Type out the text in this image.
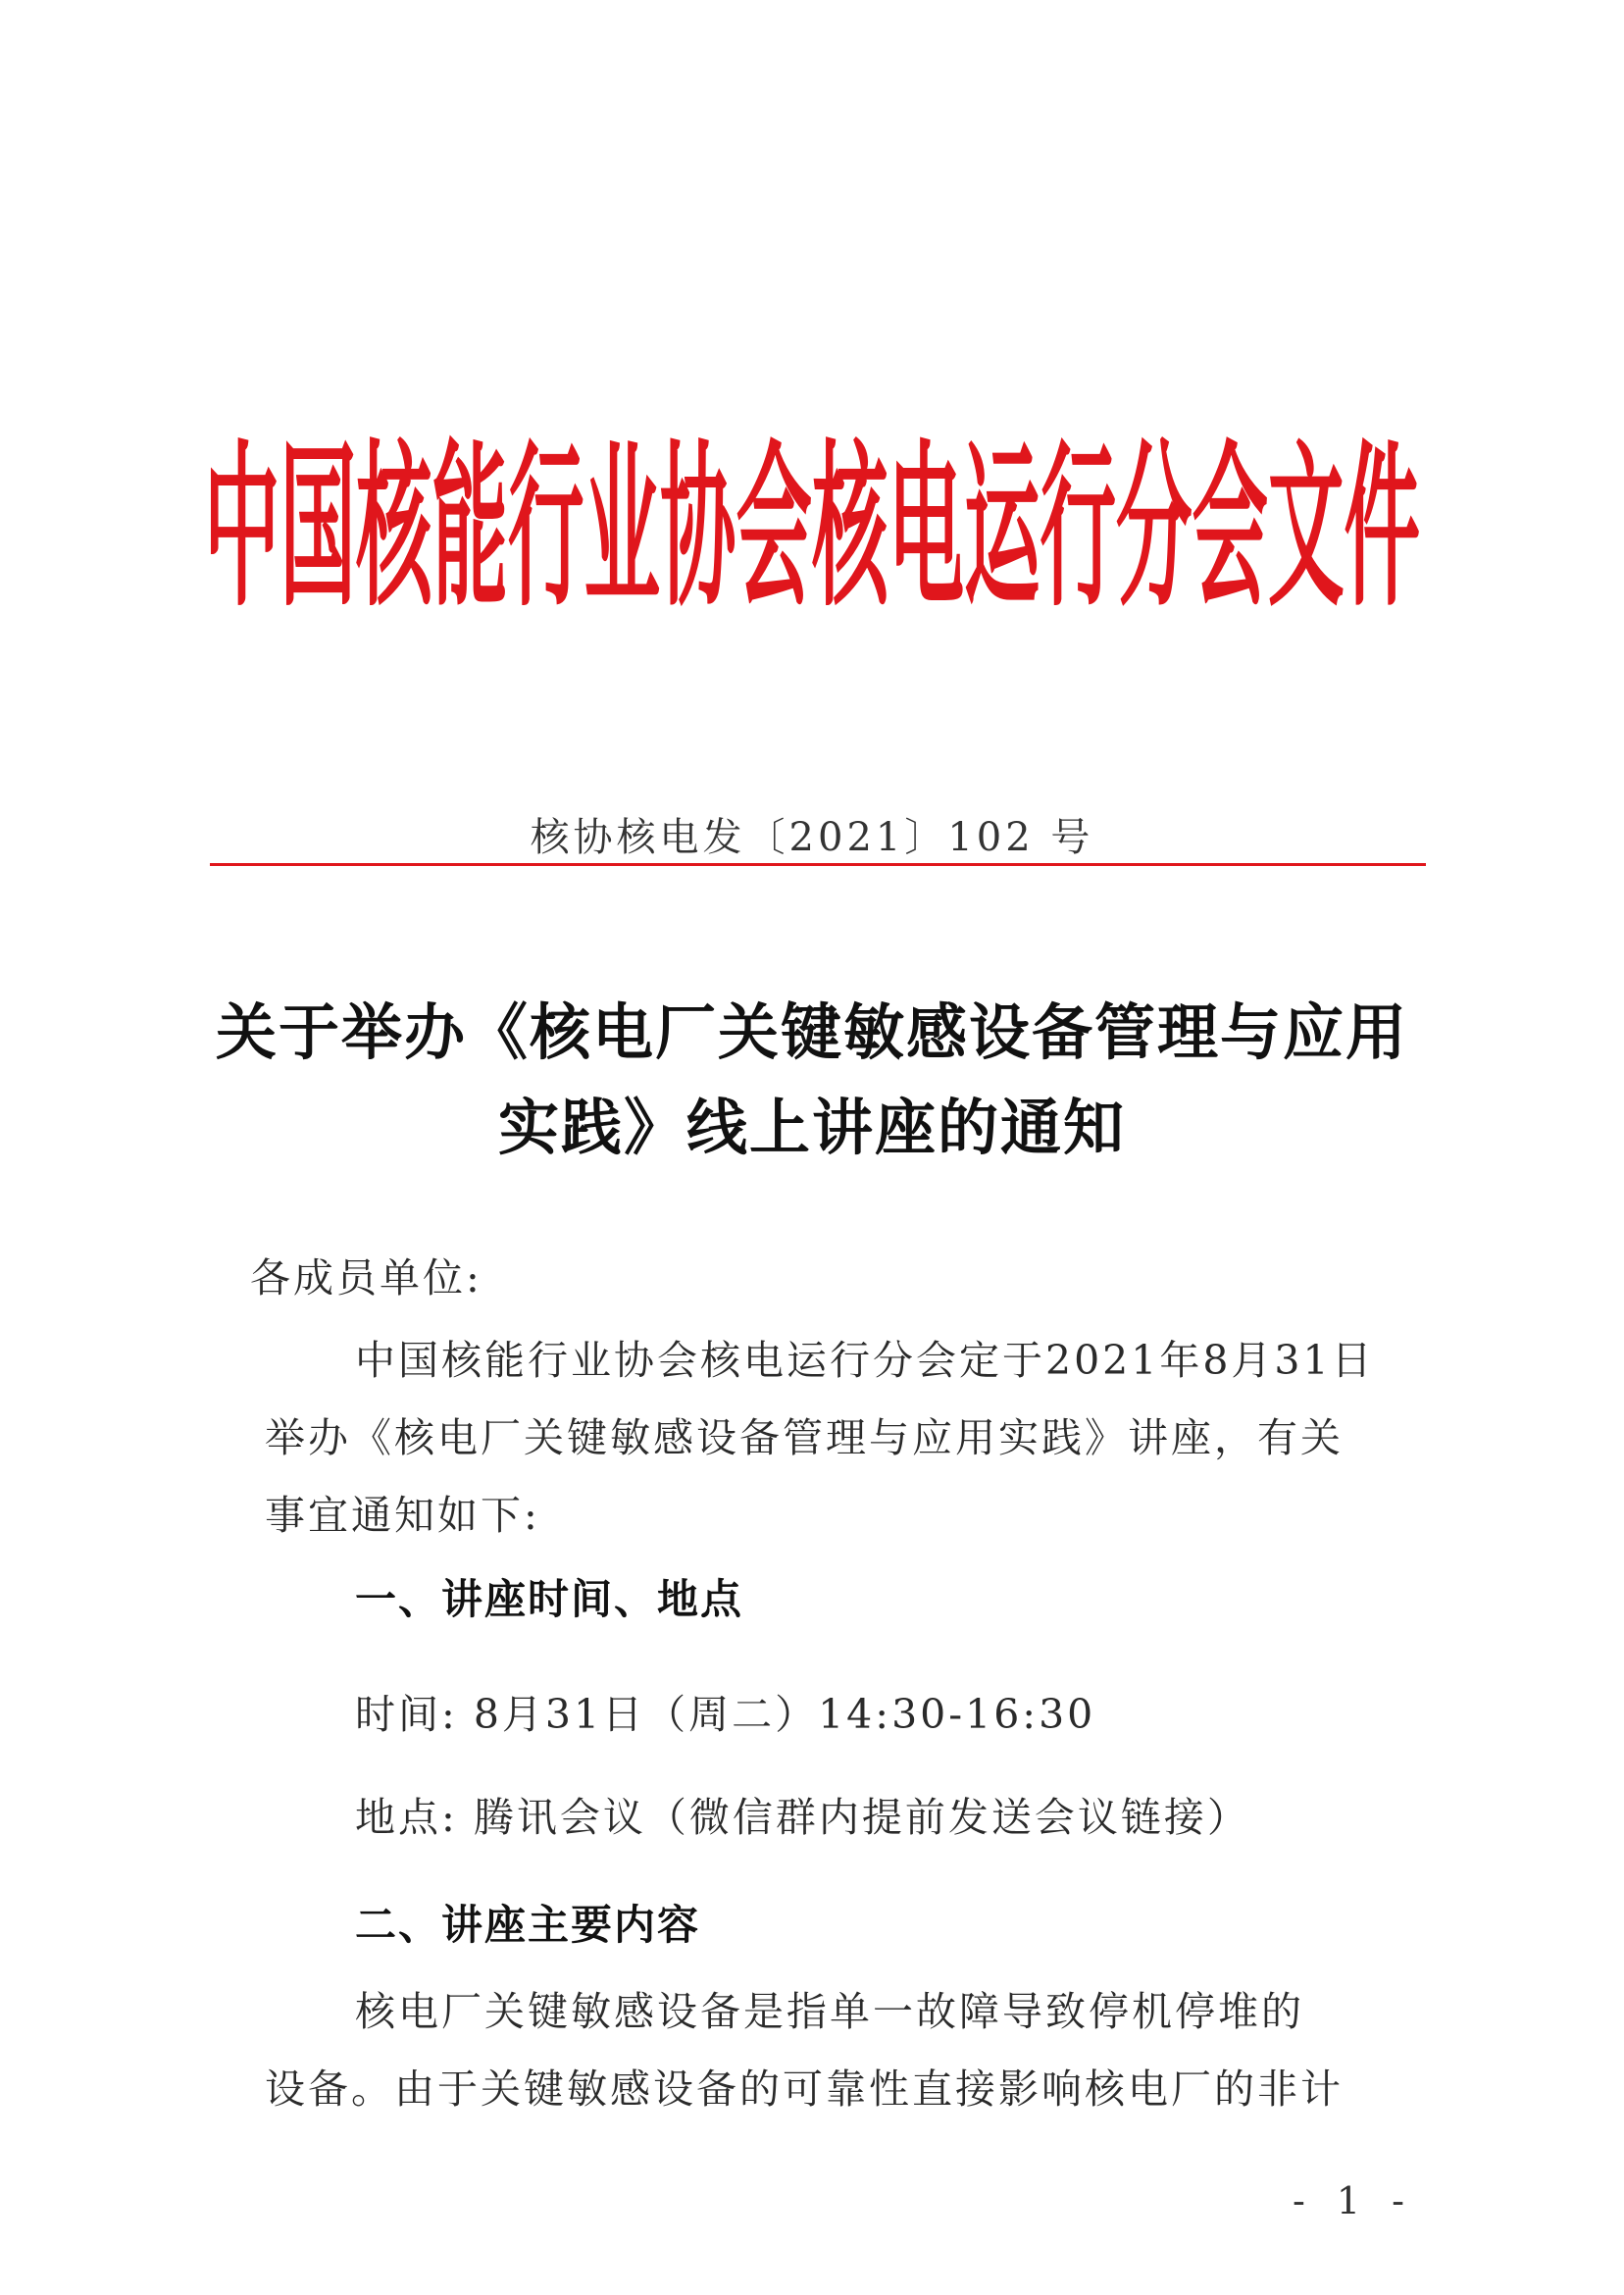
中国核能行业协会核电运行分会文件
核协核电发〔2021〕102 号
关于举办《核电厂关键敏感设备管理与应用
实践》线上讲座的通知
各成员单位:
中国核能行业协会核电运行分会定于2021年8月31日
举办《核电厂关键敏感设备管理与应用实践》讲座，有关
事宜通知如下:
一、讲座时间、地点
时间: 8月31日（周二）14:30-16:30
地点: 腾讯会议（微信群内提前发送会议链接）
二、讲座主要内容
核电厂关键敏感设备是指单一故障导致停机停堆的
设备。由于关键敏感设备的可靠性直接影响核电厂的非计
- 1 -
